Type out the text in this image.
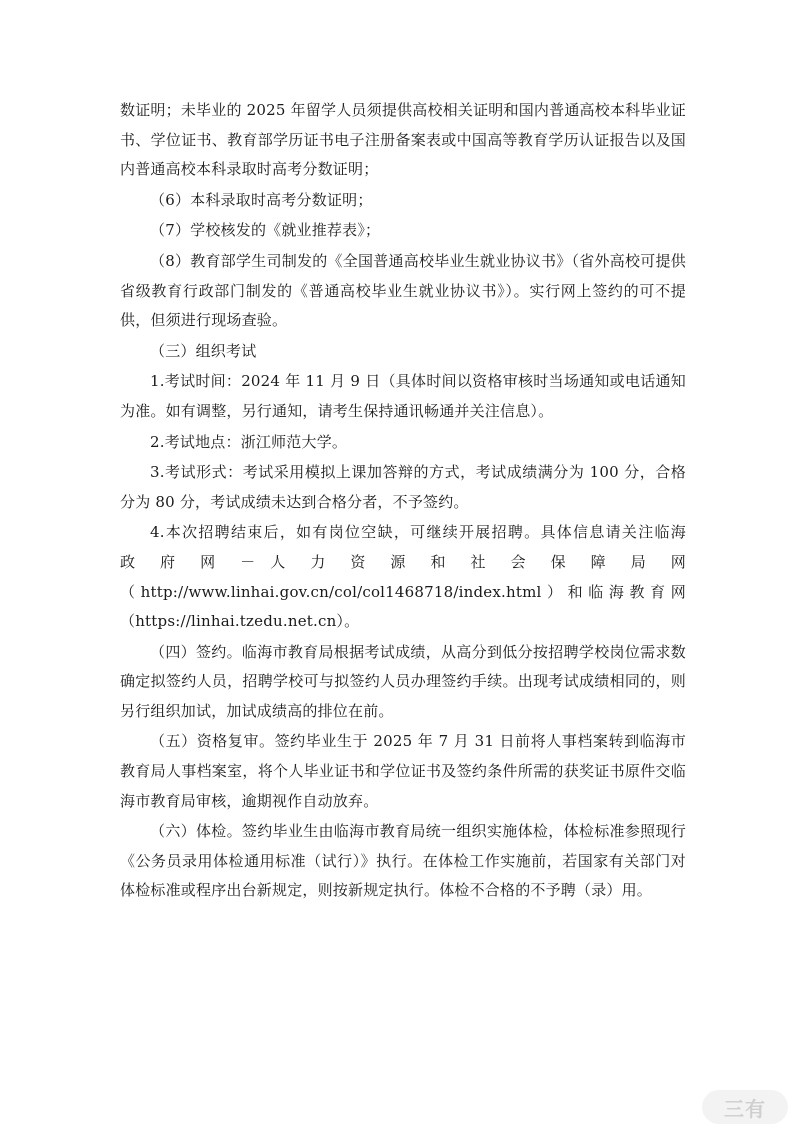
数证明；未毕业的 2025 年留学人员须提供高校相关证明和国内普通高校本科毕业证书、学位证书、教育部学历证书电子注册备案表或中国高等教育学历认证报告以及国内普通高校本科录取时高考分数证明；

（6）本科录取时高考分数证明；

（7）学校核发的《就业推荐表》；

（8）教育部学生司制发的《全国普通高校毕业生就业协议书》（省外高校可提供省级教育行政部门制发的《普通高校毕业生就业协议书》）。实行网上签约的可不提供，但须进行现场查验。

（三）组织考试

1.考试时间：2024 年 11 月 9 日（具体时间以资格审核时当场通知或电话通知为准。如有调整，另行通知，请考生保持通讯畅通并关注信息）。

2.考试地点：浙江师范大学。

3.考试形式：考试采用模拟上课加答辩的方式，考试成绩满分为 100 分，合格分为 80 分，考试成绩未达到合格分者，不予签约。

4.本次招聘结束后，如有岗位空缺，可继续开展招聘。具体信息请关注临海

政 府 网 － 人 力 资 源 和 社 会 保 障 局 网

（http://www.linhai.gov.cn/col/col1468718/index.html）和临海教育网

（https://linhai.tzedu.net.cn）。

（四）签约。临海市教育局根据考试成绩，从高分到低分按招聘学校岗位需求数确定拟签约人员，招聘学校可与拟签约人员办理签约手续。出现考试成绩相同的，则另行组织加试，加试成绩高的排位在前。

（五）资格复审。签约毕业生于 2025 年 7 月 31 日前将人事档案转到临海市教育局人事档案室，将个人毕业证书和学位证书及签约条件所需的获奖证书原件交临海市教育局审核，逾期视作自动放弃。

（六）体检。签约毕业生由临海市教育局统一组织实施体检，体检标准参照现行《公务员录用体检通用标准（试行）》执行。在体检工作实施前，若国家有关部门对体检标准或程序出台新规定，则按新规定执行。体检不合格的不予聘（录）用。

三有
